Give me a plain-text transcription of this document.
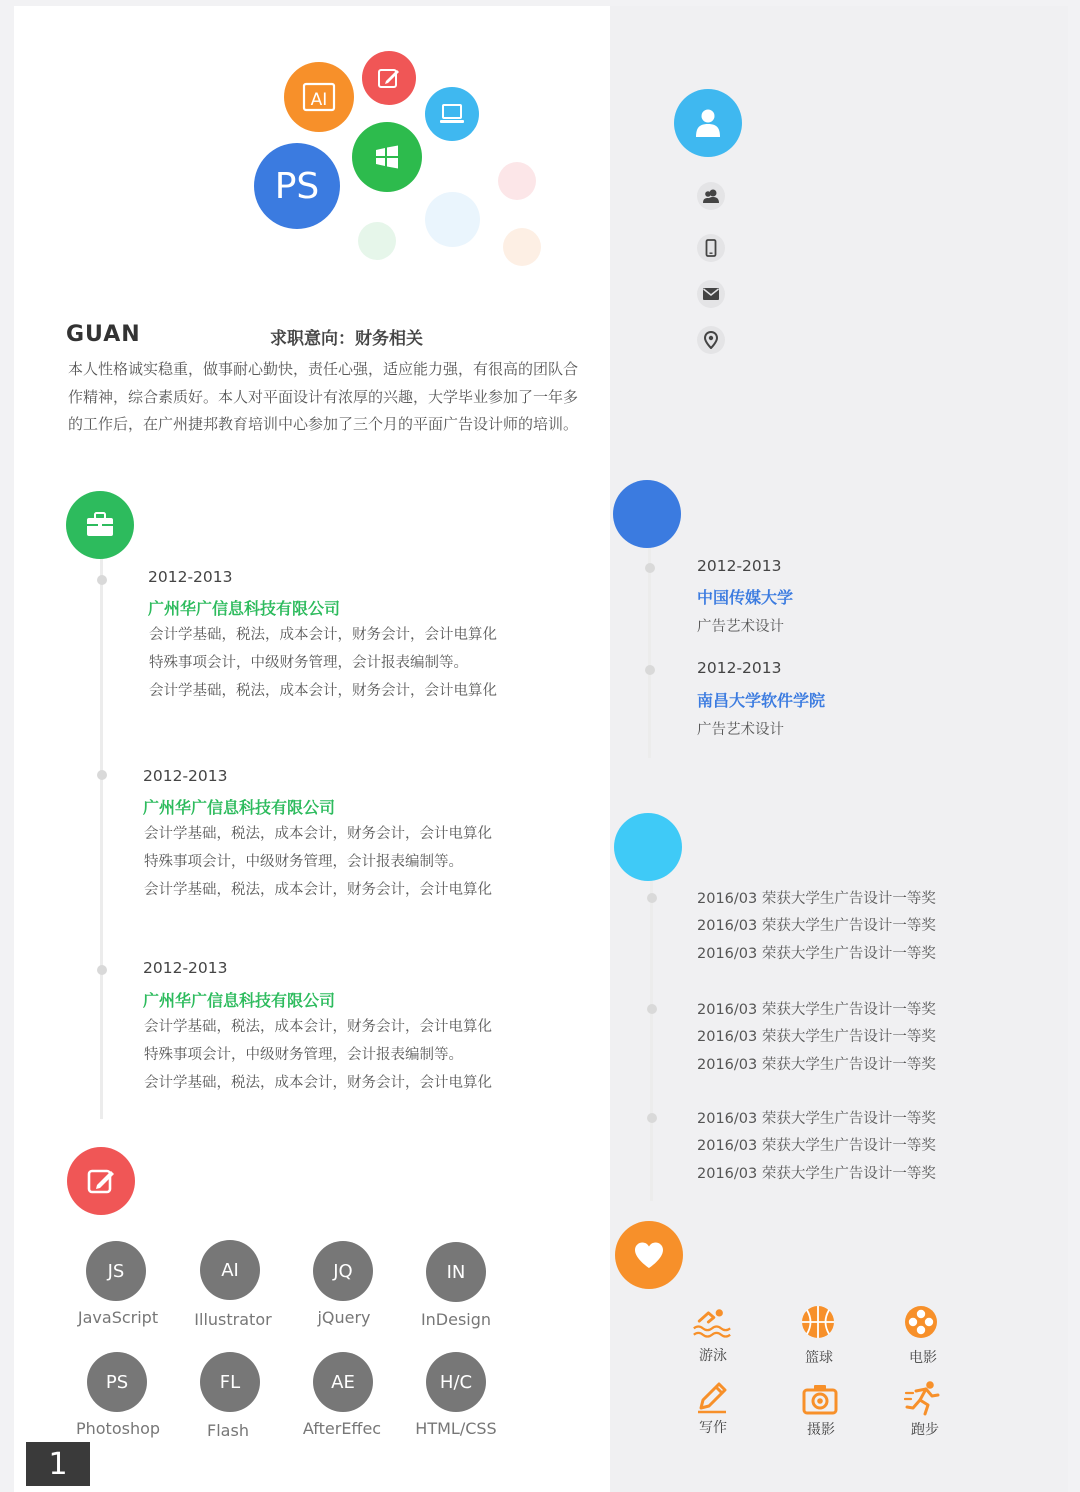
AI
PS
GUAN	求职意向：财务相关
本人性格诚实稳重，做事耐心勤快，责任心强，适应能力强，有很高的团队合作精神，综合素质好。本人对平面设计有浓厚的兴趣，大学毕业参加了一年多的工作后，在广州捷邦教育培训中心参加了三个月的平面广告设计师的培训。
2012-2013
广州华广信息科技有限公司
会计学基础，税法，成本会计，财务会计，会计电算化
特殊事项会计，中级财务管理，会计报表编制等。
会计学基础，税法，成本会计，财务会计，会计电算化
2012-2013
广州华广信息科技有限公司
会计学基础，税法，成本会计，财务会计，会计电算化
特殊事项会计，中级财务管理，会计报表编制等。
会计学基础，税法，成本会计，财务会计，会计电算化
2012-2013
广州华广信息科技有限公司
会计学基础，税法，成本会计，财务会计，会计电算化
特殊事项会计，中级财务管理，会计报表编制等。
会计学基础，税法，成本会计，财务会计，会计电算化
JS
JavaScript
AI
Illustrator
JQ
jQuery
IN
InDesign
PS
Photoshop
FL
Flash
AE
AfterEffec
H/C
HTML/CSS
2012-2013
中国传媒大学
广告艺术设计
2012-2013
南昌大学软件学院
广告艺术设计
2016/03 荣获大学生广告设计一等奖
2016/03 荣获大学生广告设计一等奖
2016/03 荣获大学生广告设计一等奖
2016/03 荣获大学生广告设计一等奖
2016/03 荣获大学生广告设计一等奖
2016/03 荣获大学生广告设计一等奖
2016/03 荣获大学生广告设计一等奖
2016/03 荣获大学生广告设计一等奖
2016/03 荣获大学生广告设计一等奖
游泳	篮球	电影
写作	摄影	跑步
1
